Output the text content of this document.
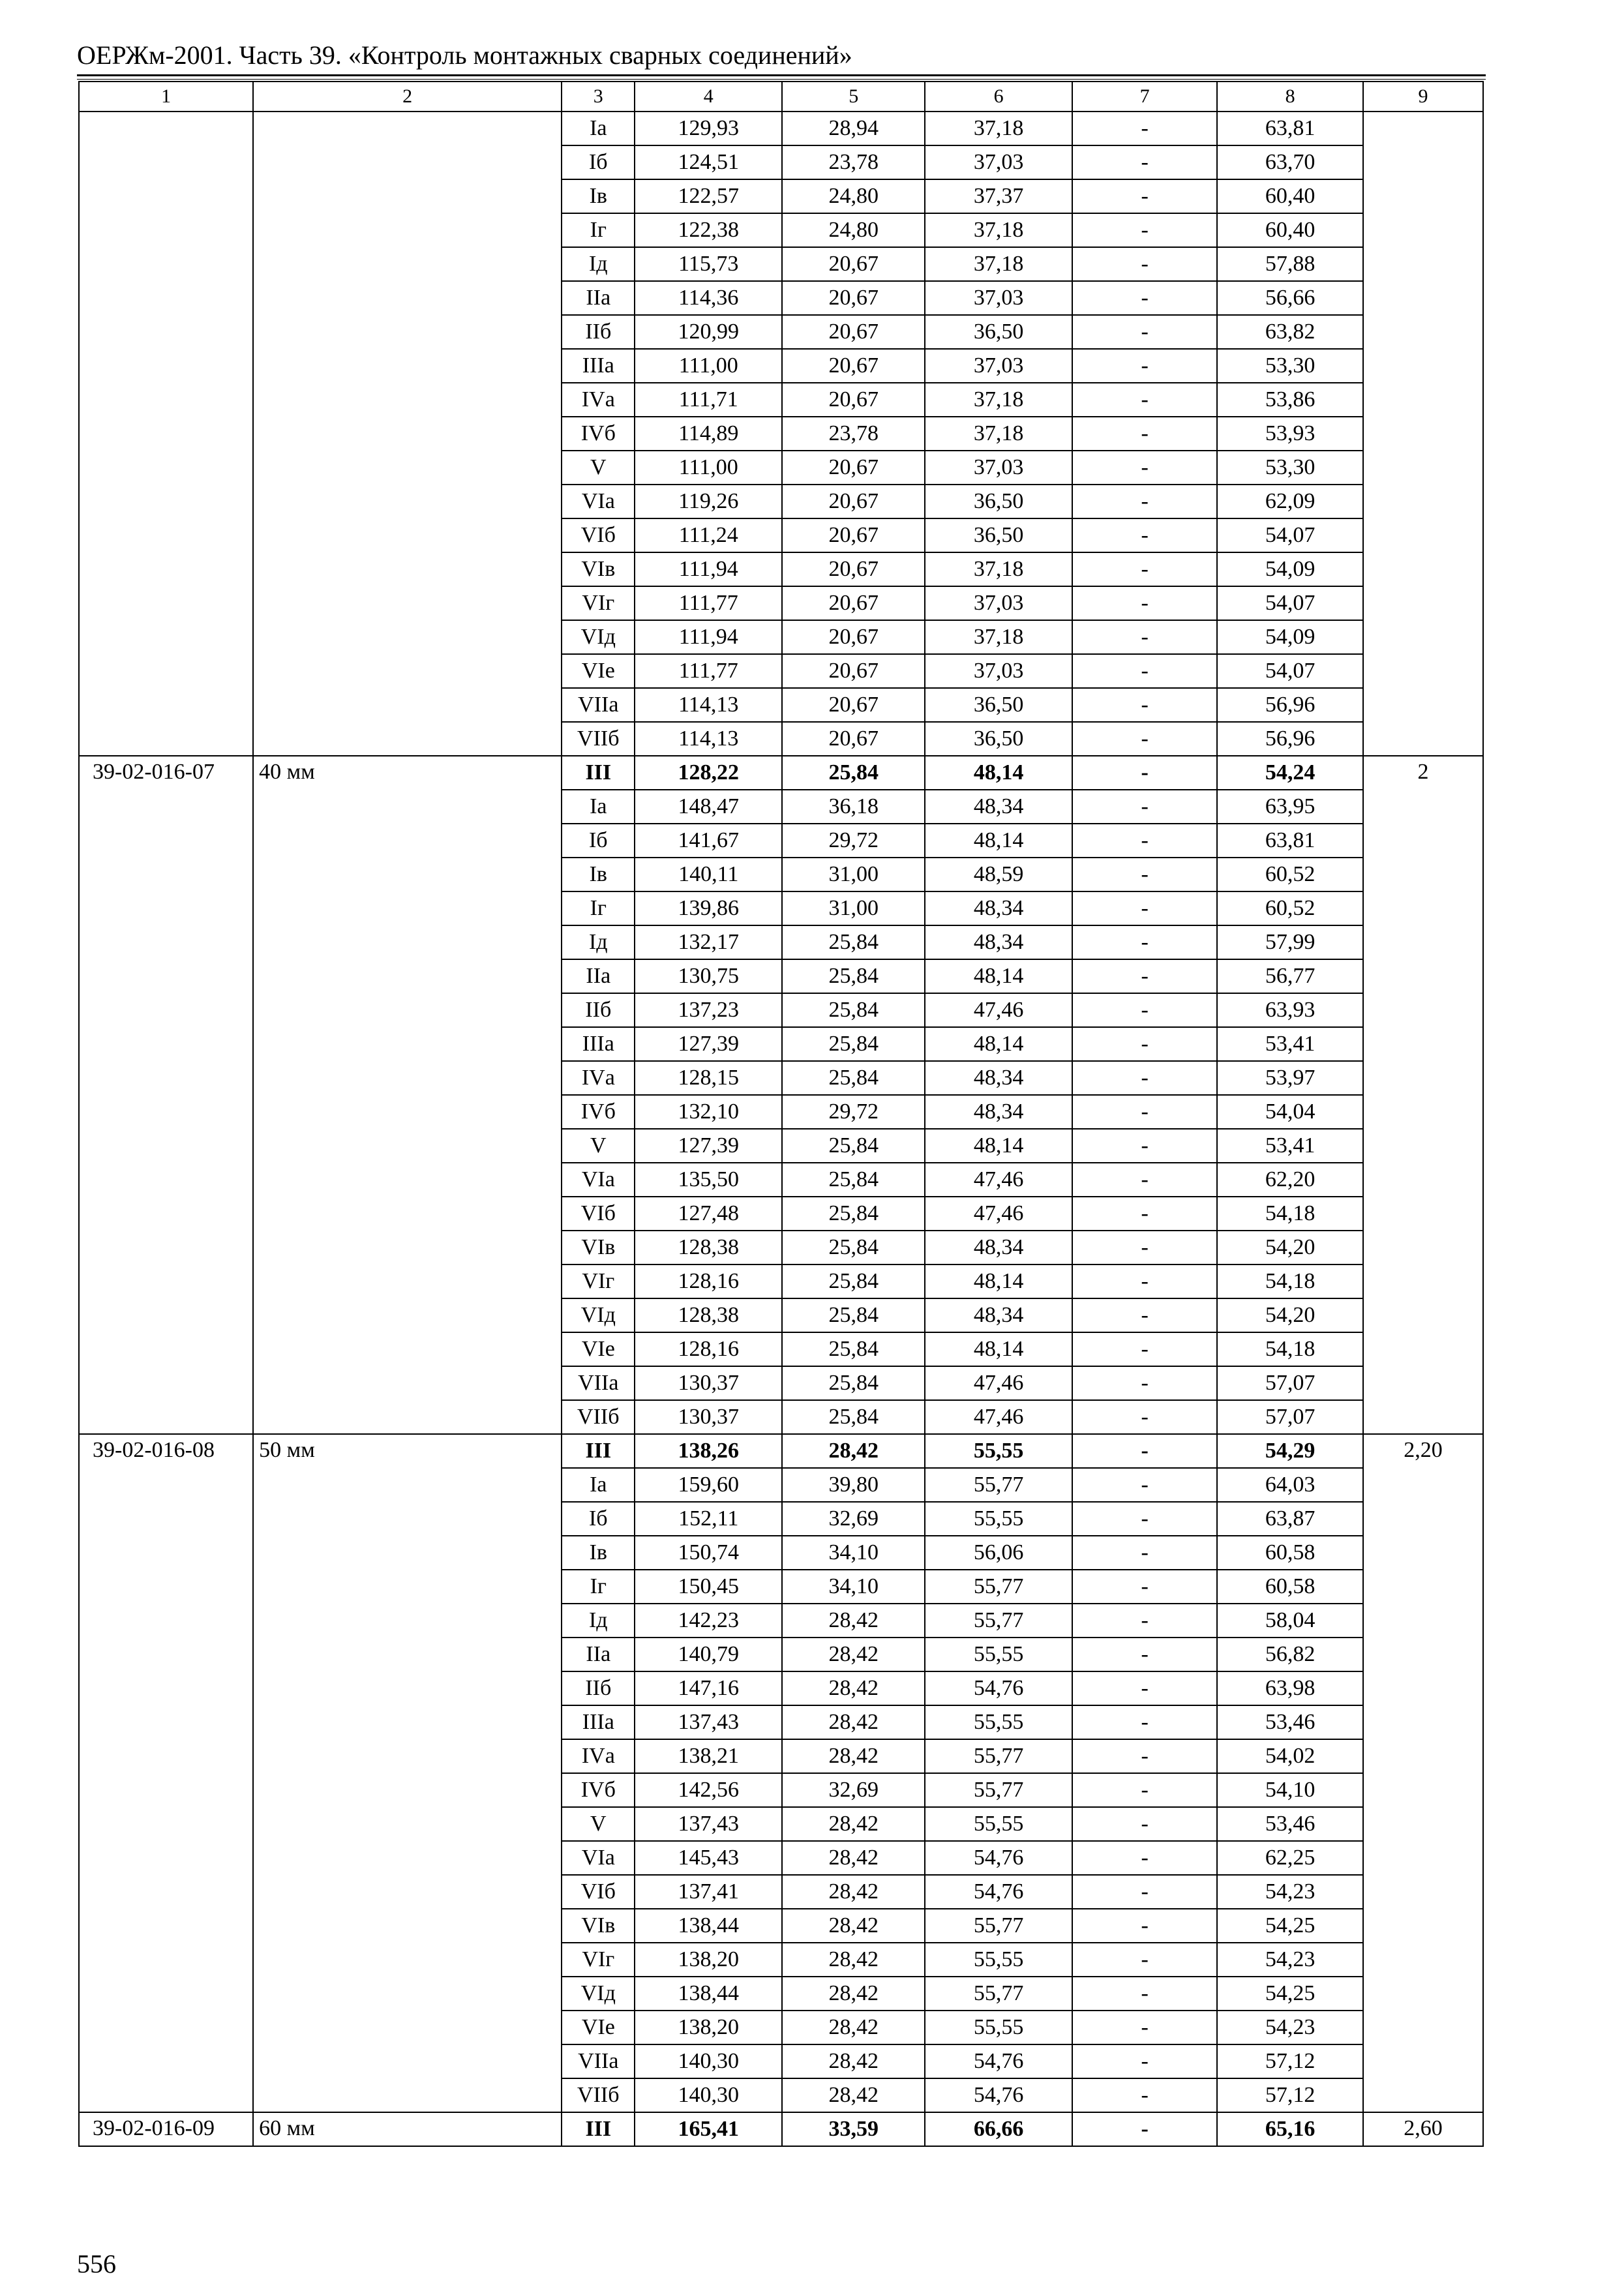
ОЕРЖм-2001. Часть 39. «Контроль монтажных сварных соединений»
1	2	3	4	5	6	7	8	9
		Iа	129,93	28,94	37,18	-	63,81	
		Iб	124,51	23,78	37,03	-	63,70	
		Iв	122,57	24,80	37,37	-	60,40	
		Iг	122,38	24,80	37,18	-	60,40	
		Iд	115,73	20,67	37,18	-	57,88	
		IIа	114,36	20,67	37,03	-	56,66	
		IIб	120,99	20,67	36,50	-	63,82	
		IIIа	111,00	20,67	37,03	-	53,30	
		IVа	111,71	20,67	37,18	-	53,86	
		IVб	114,89	23,78	37,18	-	53,93	
		V	111,00	20,67	37,03	-	53,30	
		VIа	119,26	20,67	36,50	-	62,09	
		VIб	111,24	20,67	36,50	-	54,07	
		VIв	111,94	20,67	37,18	-	54,09	
		VIг	111,77	20,67	37,03	-	54,07	
		VIд	111,94	20,67	37,18	-	54,09	
		VIе	111,77	20,67	37,03	-	54,07	
		VIIа	114,13	20,67	36,50	-	56,96	
		VIIб	114,13	20,67	36,50	-	56,96	
39-02-016-07	40 мм	III	128,22	25,84	48,14	-	54,24	2
		Iа	148,47	36,18	48,34	-	63,95	
		Iб	141,67	29,72	48,14	-	63,81	
		Iв	140,11	31,00	48,59	-	60,52	
		Iг	139,86	31,00	48,34	-	60,52	
		Iд	132,17	25,84	48,34	-	57,99	
		IIа	130,75	25,84	48,14	-	56,77	
		IIб	137,23	25,84	47,46	-	63,93	
		IIIа	127,39	25,84	48,14	-	53,41	
		IVа	128,15	25,84	48,34	-	53,97	
		IVб	132,10	29,72	48,34	-	54,04	
		V	127,39	25,84	48,14	-	53,41	
		VIа	135,50	25,84	47,46	-	62,20	
		VIб	127,48	25,84	47,46	-	54,18	
		VIв	128,38	25,84	48,34	-	54,20	
		VIг	128,16	25,84	48,14	-	54,18	
		VIд	128,38	25,84	48,34	-	54,20	
		VIе	128,16	25,84	48,14	-	54,18	
		VIIа	130,37	25,84	47,46	-	57,07	
		VIIб	130,37	25,84	47,46	-	57,07	
39-02-016-08	50 мм	III	138,26	28,42	55,55	-	54,29	2,20
		Iа	159,60	39,80	55,77	-	64,03	
		Iб	152,11	32,69	55,55	-	63,87	
		Iв	150,74	34,10	56,06	-	60,58	
		Iг	150,45	34,10	55,77	-	60,58	
		Iд	142,23	28,42	55,77	-	58,04	
		IIа	140,79	28,42	55,55	-	56,82	
		IIб	147,16	28,42	54,76	-	63,98	
		IIIа	137,43	28,42	55,55	-	53,46	
		IVа	138,21	28,42	55,77	-	54,02	
		IVб	142,56	32,69	55,77	-	54,10	
		V	137,43	28,42	55,55	-	53,46	
		VIа	145,43	28,42	54,76	-	62,25	
		VIб	137,41	28,42	54,76	-	54,23	
		VIв	138,44	28,42	55,77	-	54,25	
		VIг	138,20	28,42	55,55	-	54,23	
		VIд	138,44	28,42	55,77	-	54,25	
		VIе	138,20	28,42	55,55	-	54,23	
		VIIа	140,30	28,42	54,76	-	57,12	
		VIIб	140,30	28,42	54,76	-	57,12	
39-02-016-09	60 мм	III	165,41	33,59	66,66	-	65,16	2,60
556
